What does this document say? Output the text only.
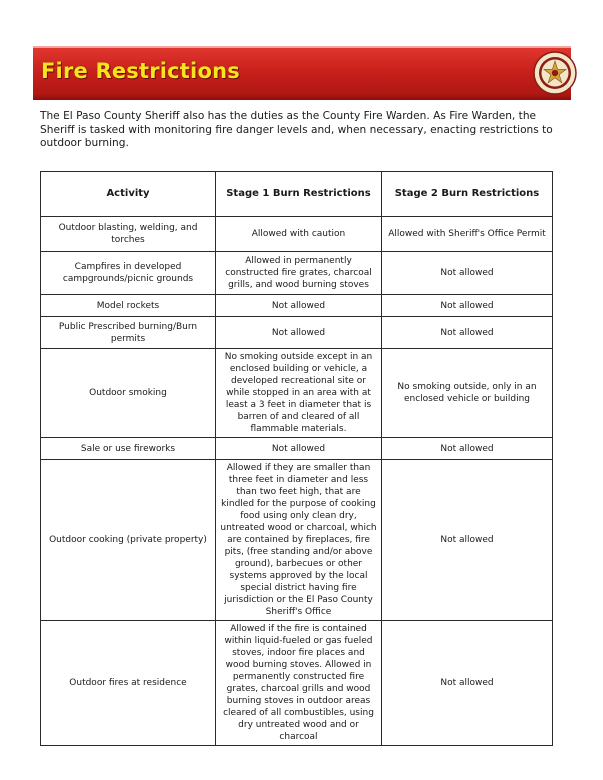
Fire Restrictions

The El Paso County Sheriff also has the duties as the County Fire Warden. As Fire Warden, the Sheriff is tasked with monitoring fire danger levels and, when necessary, enacting restrictions to outdoor burning.

Activity	Stage 1 Burn Restrictions	Stage 2 Burn Restrictions
Outdoor blasting, welding, and torches	Allowed with caution	Allowed with Sheriff's Office Permit
Campfires in developed campgrounds/picnic grounds	Allowed in permanently constructed fire grates, charcoal grills, and wood burning stoves	Not allowed
Model rockets	Not allowed	Not allowed
Public Prescribed burning/Burn permits	Not allowed	Not allowed
Outdoor smoking	No smoking outside except in an enclosed building or vehicle, a developed recreational site or while stopped in an area with at least a 3 feet in diameter that is barren of and cleared of all flammable materials.	No smoking outside, only in an enclosed vehicle or building
Sale or use fireworks	Not allowed	Not allowed
Outdoor cooking (private property)	Allowed if they are smaller than three feet in diameter and less than two feet high, that are kindled for the purpose of cooking food using only clean dry, untreated wood or charcoal, which are contained by fireplaces, fire pits, (free standing and/or above ground), barbecues or other systems approved by the local special district having fire jurisdiction or the El Paso County Sheriff's Office	Not allowed
Outdoor fires at residence	Allowed if the fire is contained within liquid-fueled or gas fueled stoves, indoor fire places and wood burning stoves. Allowed in permanently constructed fire grates, charcoal grills and wood burning stoves in outdoor areas cleared of all combustibles, using dry untreated wood and or charcoal	Not allowed
